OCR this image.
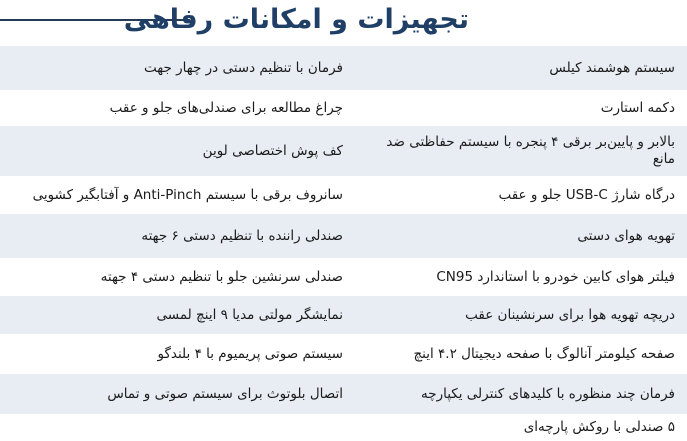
تجهیزات و امکانات رفاهی
سیستم هوشمند کیلس
فرمان با تنظیم دستی در چهار جهت
دکمه استارت
چراغ مطالعه برای صندلی‌های جلو و عقب
بالابر و پایین‌بر برقی ۴ پنجره با سیستم حفاظتی ضد مانع
کف پوش اختصاصی لوین
درگاه شارژ USB-C جلو و عقب
سانروف برقی با سیستم Anti-Pinch و آفتابگیر کشویی
تهویه هوای دستی
صندلی راننده با تنظیم دستی ۶ جهته
فیلتر هوای کابین خودرو با استاندارد CN95
صندلی سرنشین جلو با تنظیم دستی ۴ جهته
دریچه تهویه هوا برای سرنشینان عقب
نمایشگر مولتی مدیا ۹ اینچ لمسی
صفحه کیلومتر آنالوگ با صفحه دیجیتال ۴.۲ اینچ
سیستم صوتی پریمیوم با ۴ بلندگو
فرمان چند منظوره با کلیدهای کنترلی یکپارچه
اتصال بلوتوث برای سیستم صوتی و تماس
۵ صندلی با روکش پارچه‌ای
